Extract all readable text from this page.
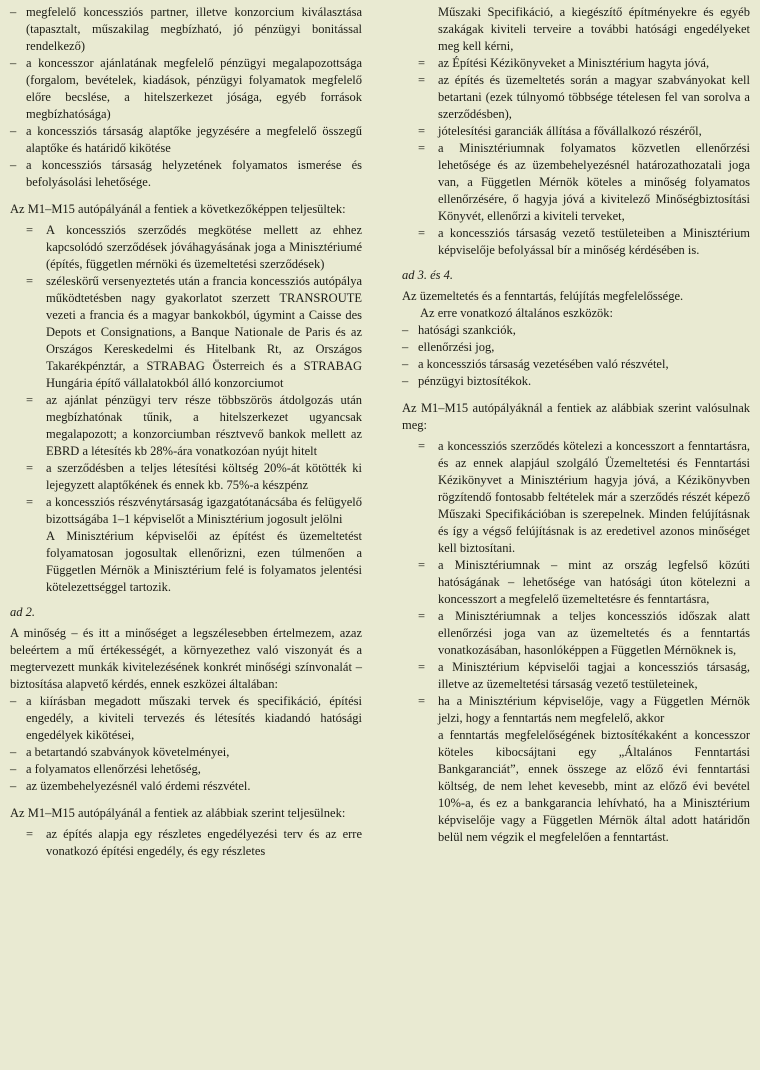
– megfelelő koncessziós partner, illetve konzorcium kiválasztása (tapasztalt, műszakilag megbízható, jó pénzügyi bonitással rendelkező)
– a koncesszor ajánlatának megfelelő pénzügyi megalapozottsága (forgalom, bevételek, kiadások, pénzügyi folyamatok megfelelő előre becslése, a hitelszerkezet jósága, egyéb források megbízhatósága)
– a koncessziós társaság alaptőke jegyzésére a megfelelő összegű alaptőke és határidő kikötése
– a koncessziós társaság helyzetének folyamatos ismerése és befolyásolási lehetősége.

Az M1–M15 autópályánál a fentiek a következőképpen teljesültek:

= A koncessziós szerződés megkötése mellett az ehhez kapcsolódó szerződések jóváhagyásának joga a Minisztériumé (építés, független mérnöki és üzemeltetési szerződések)
= széleskörű versenyeztetés után a francia koncessziós autópálya működtetésben nagy gyakorlatot szerzett TRANSROUTE vezeti a francia és a magyar bankokból, úgymint a Caisse des Depots et Consignations, a Banque Nationale de Paris és az Országos Kereskedelmi és Hitelbank Rt, az Országos Takarékpénztár, a STRABAG Österreich és a STRABAG Hungária építő vállalatokból álló konzorciumot
= az ajánlat pénzügyi terv része többszörös átdolgozás után megbízhatónak tűnik, a hitelszerkezet ugyancsak megalapozott; a konzorciumban résztvevő bankok mellett az EBRD a létesítés kb 28%-ára vonatkozóan nyújt hitelt
= a szerződésben a teljes létesítési költség 20%-át kötötték ki lejegyzett alaptőkének és ennek kb. 75%-a készpénz
= a koncessziós részvénytársaság igazgatótanácsába és felügyelő bizottságába 1–1 képviselőt a Minisztérium jogosult jelölni

A Minisztérium képviselői az építést és üzemeltetést folyamatosan jogosultak ellenőrizni, ezen túlmenően a Független Mérnök a Minisztérium felé is folyamatos jelentési kötelezettséggel tartozik.

ad 2.

A minőség – és itt a minőséget a legszélesebben értelmezem, azaz beleértem a mű értékességét, a környezethez való viszonyát és a megtervezett munkák kivitelezésének konkrét minőségi színvonalát – biztosítása alapvető kérdés, ennek eszközei általában:

– a kiírásban megadott műszaki tervek és specifikáció, építési engedély, a kiviteli tervezés és létesítés kiadandó hatósági engedélyek kikötései,
– a betartandó szabványok követelményei,
– a folyamatos ellenőrzési lehetőség,
– az üzembehelyezésnél való érdemi részvétel.

Az M1–M15 autópályánál a fentiek az alábbiak szerint teljesülnek:

= az építés alapja egy részletes engedélyezési terv és az erre vonatkozó építési engedély, és egy részletes

Műszaki Specifikáció, a kiegészítő építményekre és egyéb szakágak kiviteli terveire a további hatósági engedélyeket meg kell kérni,

= az Építési Kézikönyveket a Minisztérium hagyta jóvá,
= az építés és üzemeltetés során a magyar szabványokat kell betartani (ezek túlnyomó többsége tételesen fel van sorolva a szerződésben),
= jótelesítési garanciák állítása a fővállalkozó részéről,
= a Minisztériumnak folyamatos közvetlen ellenőrzési lehetősége és az üzembehelyezésnél határozathozatali joga van, a Független Mérnök köteles a minőség folyamatos ellenőrzésére, ő hagyja jóvá a kivitelező Minőségbiztosítási Könyvét, ellenőrzi a kiviteli terveket,
= a koncessziós társaság vezető testületeiben a Minisztérium képviselője befolyással bír a minőség kérdésében is.

ad 3. és 4.

Az üzemeltetés és a fenntartás, felújítás megfelelőssége.

Az erre vonatkozó általános eszközök:

– hatósági szankciók,
– ellenőrzési jog,
– a koncessziós társaság vezetésében való részvétel,
– pénzügyi biztosítékok.

Az M1–M15 autópályáknál a fentiek az alábbiak szerint valósulnak meg:

= a koncessziós szerződés kötelezi a koncesszort a fenntartásra, és az ennek alapjául szolgáló Üzemeltetési és Fenntartási Kézikönyvet a Minisztérium hagyja jóvá, a Kézikönyvben rögzítendő fontosabb feltételek már a szerződés részét képező Műszaki Specifikációban is szerepelnek. Minden felújításnak és így a végső felújításnak is az eredetivel azonos minőséget kell biztosítani.
= a Minisztériumnak – mint az ország legfelső közúti hatóságának – lehetősége van hatósági úton kötelezni a koncesszort a megfelelő üzemeltetésre és fenntartásra,
= a Minisztériumnak a teljes koncessziós időszak alatt ellenőrzési joga van az üzemeltetés és a fenntartás vonatkozásában, hasonlóképpen a Független Mérnöknek is,
= a Minisztérium képviselői tagjai a koncessziós társaság, illetve az üzemeltetési társaság vezető testületeinek,
= ha a Minisztérium képviselője, vagy a Független Mérnök jelzi, hogy a fenntartás nem megfelelő, akkor

a fenntartás megfelelőségének biztosítékaként a koncesszor köteles kibocsájtani egy „Általános Fenntartási Bankgaranciát”, ennek összege az előző évi fenntartási költség, de nem lehet kevesebb, mint az előző évi bevétel 10%-a, és ez a bankgarancia lehívható, ha a Minisztérium képviselője vagy a Független Mérnök által adott határidőn belül nem végzik el megfelelően a fenntartást.
